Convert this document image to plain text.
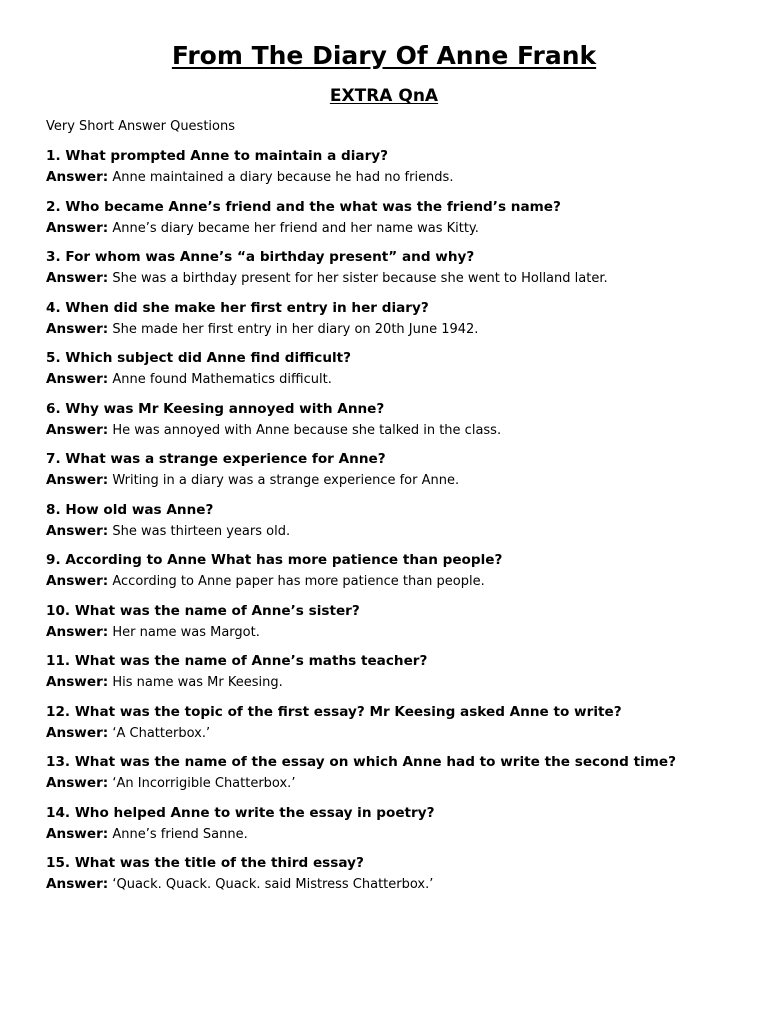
From The Diary Of Anne Frank
EXTRA QnA
Very Short Answer Questions
1. What prompted Anne to maintain a diary?
Answer: Anne maintained a diary because he had no friends.
2. Who became Anne’s friend and the what was the friend’s name?
Answer: Anne’s diary became her friend and her name was Kitty.
3. For whom was Anne’s “a birthday present” and why?
Answer: She was a birthday present for her sister because she went to Holland later.
4. When did she make her first entry in her diary?
Answer: She made her first entry in her diary on 20th June 1942.
5. Which subject did Anne find difficult?
Answer: Anne found Mathematics difficult.
6. Why was Mr Keesing annoyed with Anne?
Answer: He was annoyed with Anne because she talked in the class.
7. What was a strange experience for Anne?
Answer: Writing in a diary was a strange experience for Anne.
8. How old was Anne?
Answer: She was thirteen years old.
9. According to Anne What has more patience than people?
Answer: According to Anne paper has more patience than people.
10. What was the name of Anne’s sister?
Answer: Her name was Margot.
11. What was the name of Anne’s maths teacher?
Answer: His name was Mr Keesing.
12. What was the topic of the first essay? Mr Keesing asked Anne to write?
Answer: ‘A Chatterbox.’
13. What was the name of the essay on which Anne had to write the second time?
Answer: ‘An Incorrigible Chatterbox.’
14. Who helped Anne to write the essay in poetry?
Answer: Anne’s friend Sanne.
15. What was the title of the third essay?
Answer: ‘Quack. Quack. Quack. said Mistress Chatterbox.’
